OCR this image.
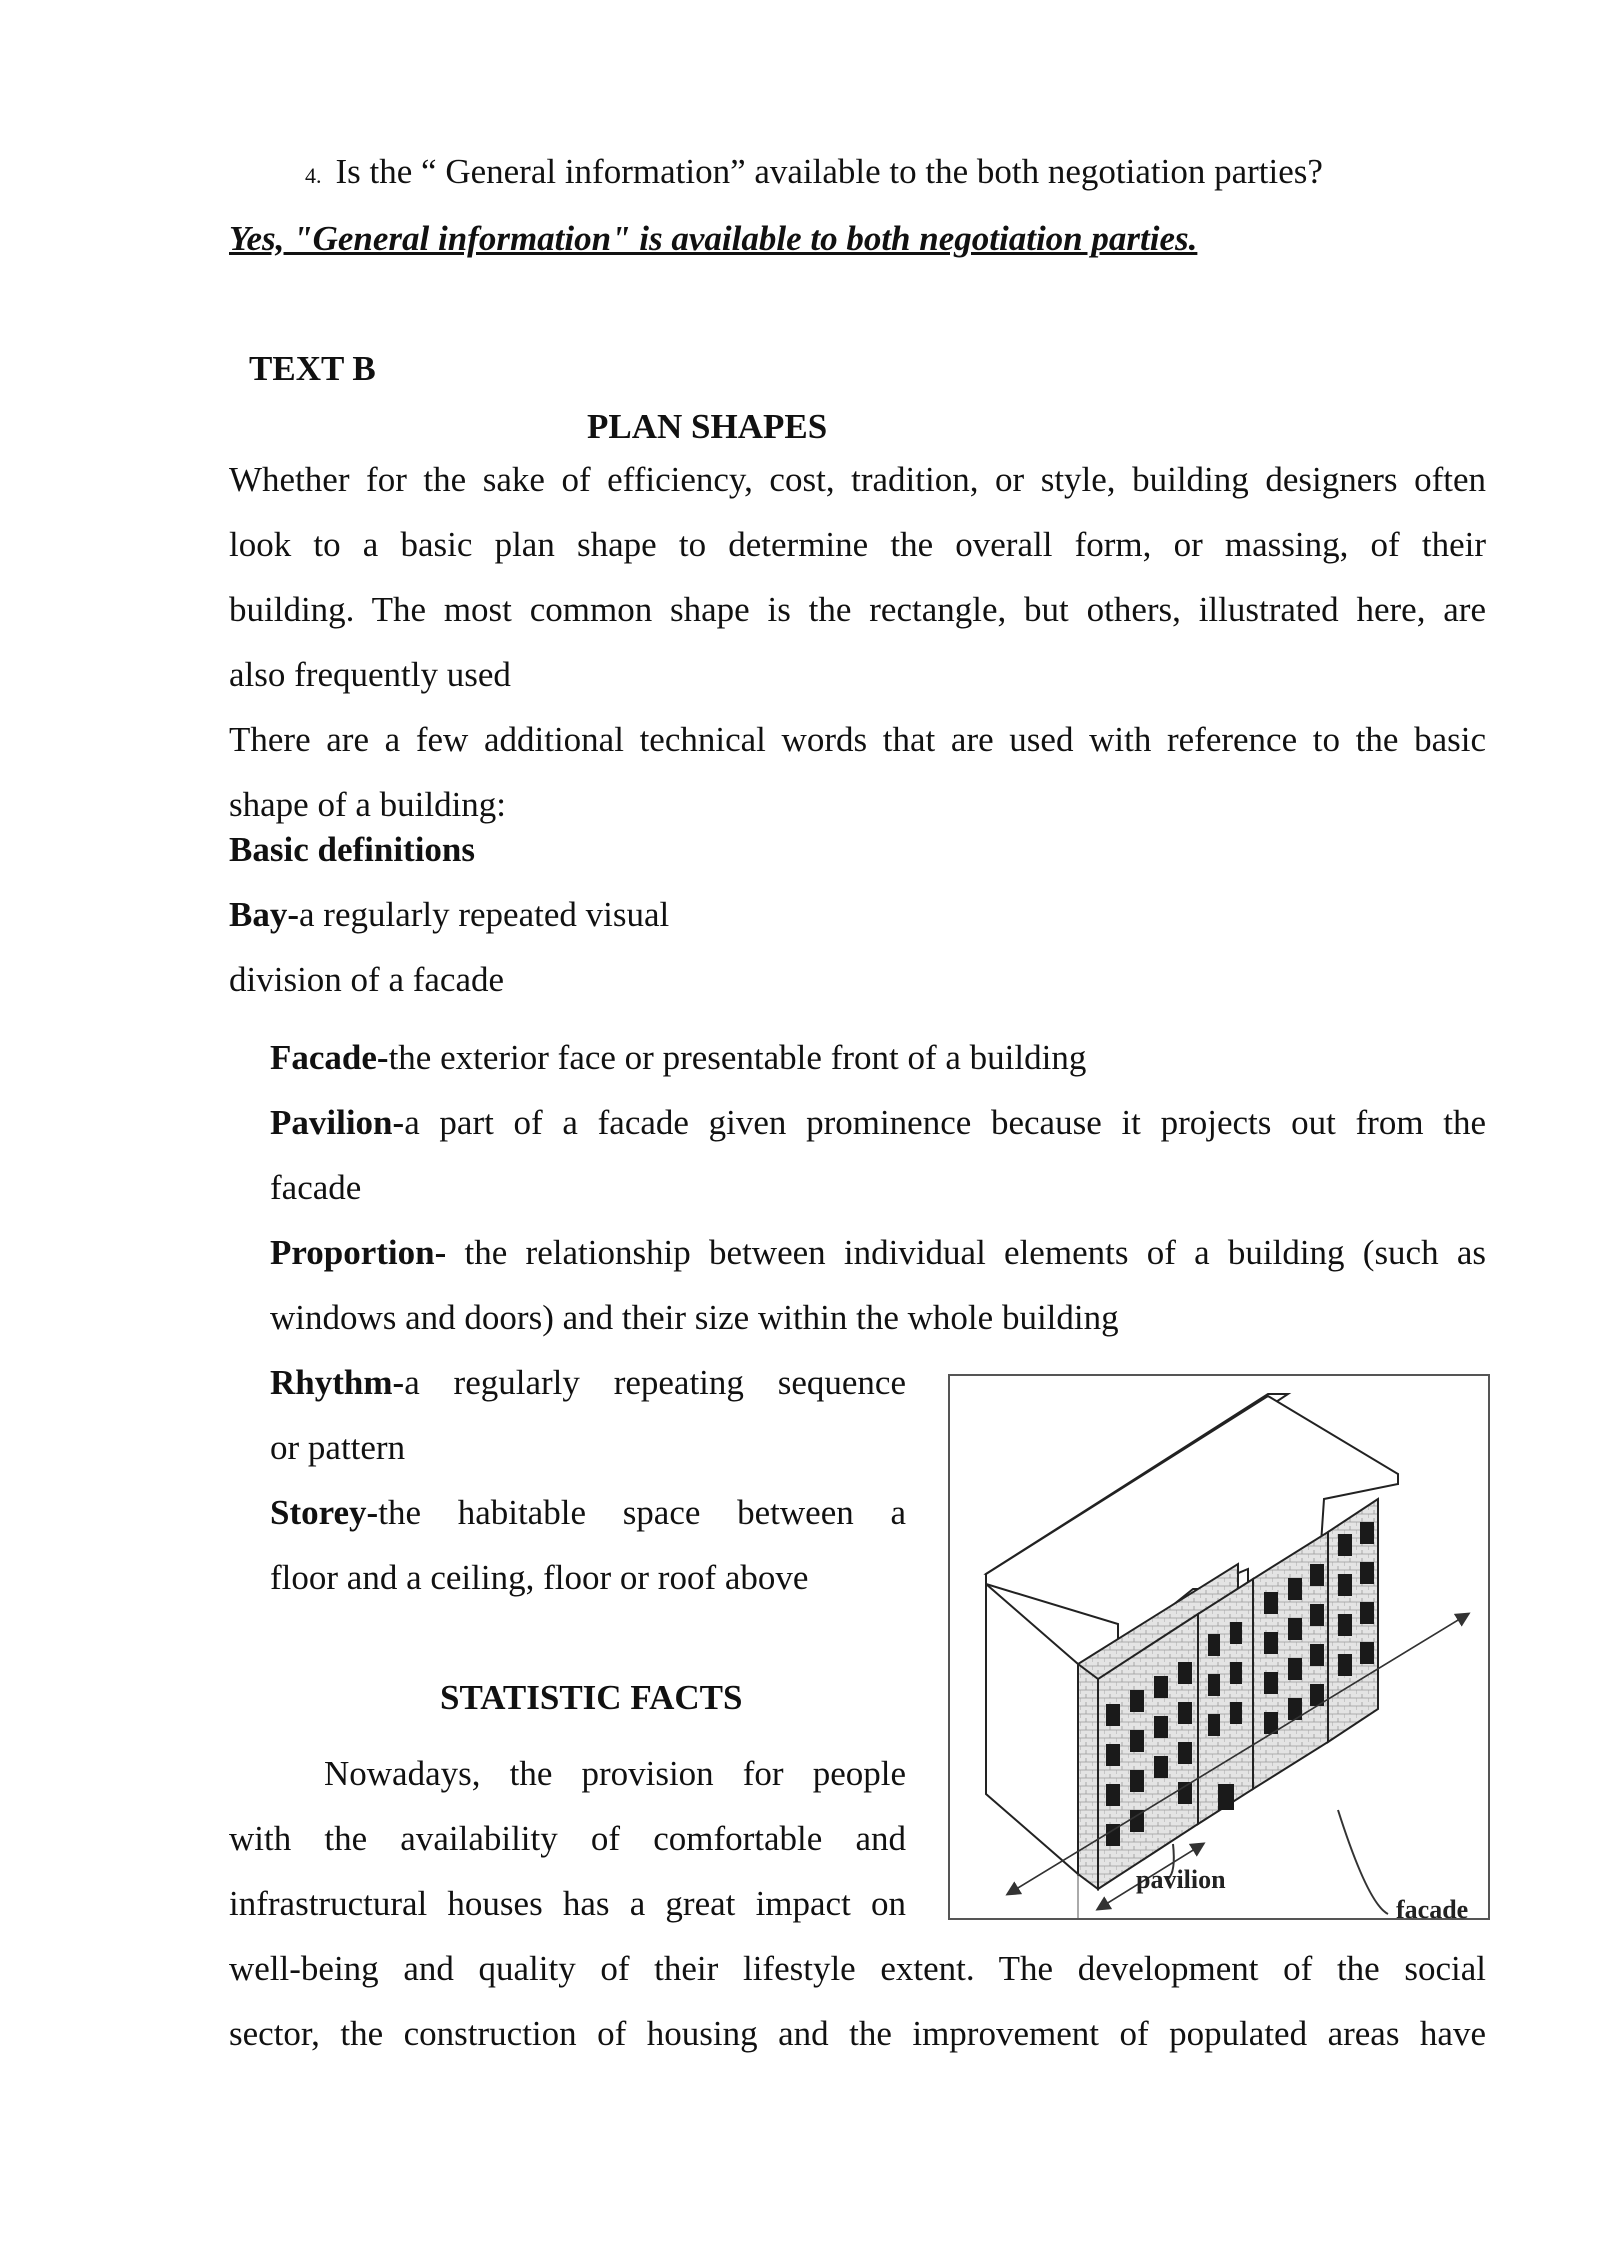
4. Is the “ General information” available to the both negotiation parties?
Yes, "General information" is available to both negotiation parties.
TEXT B
PLAN SHAPES
Whether for the sake of efficiency, cost, tradition, or style, building designers often
look to a basic plan shape to determine the overall form, or massing, of their
building. The most common shape is the rectangle, but others, illustrated here, are
also frequently used
There are a few additional technical words that are used with reference to the basic
shape of a building:
Basic definitions
Bay-a regularly repeated visual
division of a facade
Facade-the exterior face or presentable front of a building
Pavilion-a part of a facade given prominence because it projects out from the
facade
Proportion- the relationship between individual elements of a building (such as
windows and doors) and their size within the whole building
Rhythm-a regularly repeating sequence
or pattern
Storey-the habitable space between a
floor and a ceiling, floor or roof above
pavilion
facade
STATISTIC FACTS
Nowadays, the provision for people
with the availability of comfortable and
infrastructural houses has a great impact on
well-being and quality of their lifestyle extent. The development of the social
sector, the construction of housing and the improvement of populated areas have
